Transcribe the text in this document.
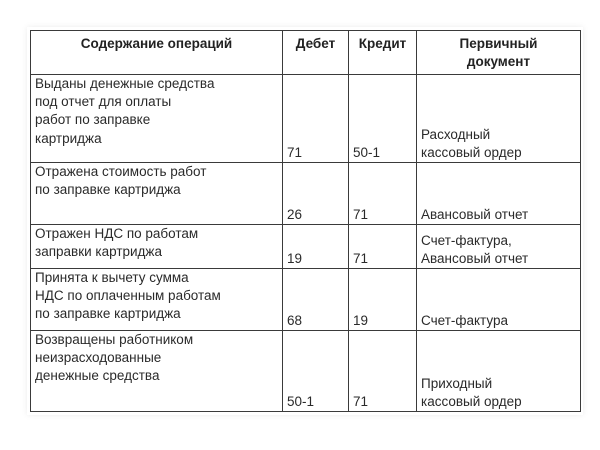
Содержание операций	Дебет	Кредит	Первичный
документ

Выданы денежные средства
под отчет для оплаты
работ по заправке
картриджа	71	50-1	Расходный
кассовый ордер

Отражена стоимость работ
по заправке картриджа	26	71	Авансовый отчет

Отражен НДС по работам
заправки картриджа	19	71	Счет-фактура,
Авансовый отчет

Принята к вычету сумма
НДС по оплаченным работам
по заправке картриджа	68	19	Счет-фактура

Возвращены работником
неизрасходованные
денежные средства	50-1	71	Приходный
кассовый ордер
